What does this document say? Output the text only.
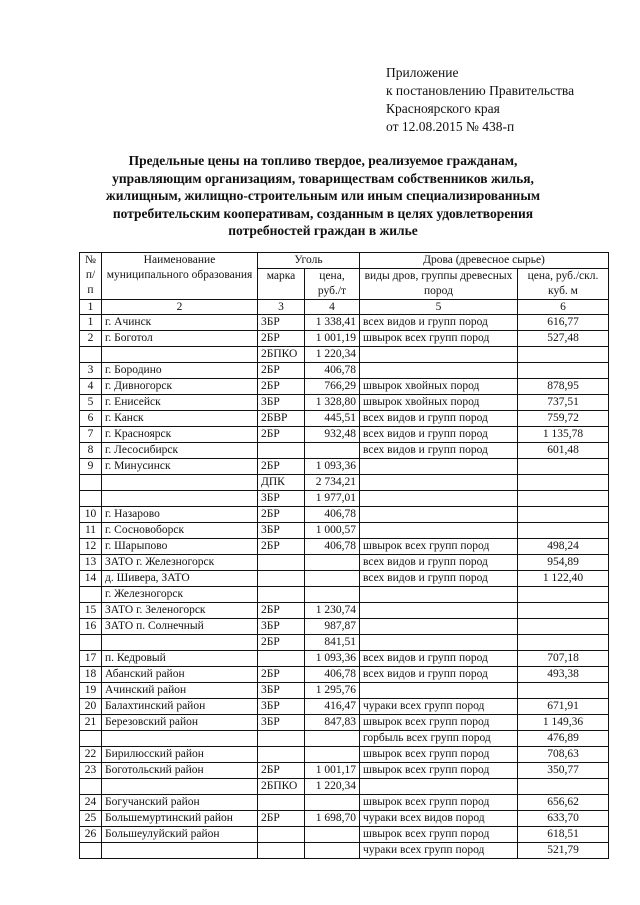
Приложение
к постановлению Правительства
Красноярского края
от 12.08.2015 № 438-п
Предельные цены на топливо твердое, реализуемое гражданам,
управляющим организациям, товариществам собственников жилья,
жилищным, жилищно-строительным или иным специализированным
потребительским кооперативам, созданным в целях удовлетворения
потребностей граждан в жилье
№ п/п	Наименование муниципального образования	Уголь		Дрова (древесное сырье)	
		марка	цена, руб./т	виды дров, группы древесных пород	цена, руб./скл. куб. м
1	2	3	4	5	6
1	г. Ачинск	3БР	1 338,41	всех видов и групп пород	616,77
2	г. Боготол	2БР	1 001,19	швырок всех групп пород	527,48
		2БПКО	1 220,34		
3	г. Бородино	2БР	406,78		
4	г. Дивногорск	2БР	766,29	швырок хвойных пород	878,95
5	г. Енисейск	3БР	1 328,80	швырок хвойных пород	737,51
6	г. Канск	2БВР	445,51	всех видов и групп пород	759,72
7	г. Красноярск	2БР	932,48	всех видов и групп пород	1 135,78
8	г. Лесосибирск			всех видов и групп пород	601,48
9	г. Минусинск	2БР	1 093,36		
		ДПК	2 734,21		
		3БР	1 977,01		
10	г. Назарово	2БР	406,78		
11	г. Сосновоборск	3БР	1 000,57		
12	г. Шарыпово	2БР	406,78	швырок всех групп пород	498,24
13	ЗАТО г. Железногорск			всех видов и групп пород	954,89
14	д. Шивера, ЗАТО			всех видов и групп пород	1 122,40
	г. Железногорск				
15	ЗАТО г. Зеленогорск	2БР	1 230,74		
16	ЗАТО п. Солнечный	3БР	987,87		
		2БР	841,51		
17	п. Кедровый		1 093,36	всех видов и групп пород	707,18
18	Абанский район	2БР	406,78	всех видов и групп пород	493,38
19	Ачинский район	3БР	1 295,76		
20	Балахтинский район	3БР	416,47	чураки всех групп пород	671,91
21	Березовский район	3БР	847,83	швырок всех групп пород	1 149,36
				горбыль всех групп пород	476,89
22	Бирилюсский район			швырок всех групп пород	708,63
23	Боготольский район	2БР	1 001,17	швырок всех групп пород	350,77
		2БПКО	1 220,34		
24	Богучанский район			швырок всех групп пород	656,62
25	Большемуртинский район	2БР	1 698,70	чураки всех видов пород	633,70
26	Большеулуйский район			швырок всех групп пород	618,51
				чураки всех групп пород	521,79
